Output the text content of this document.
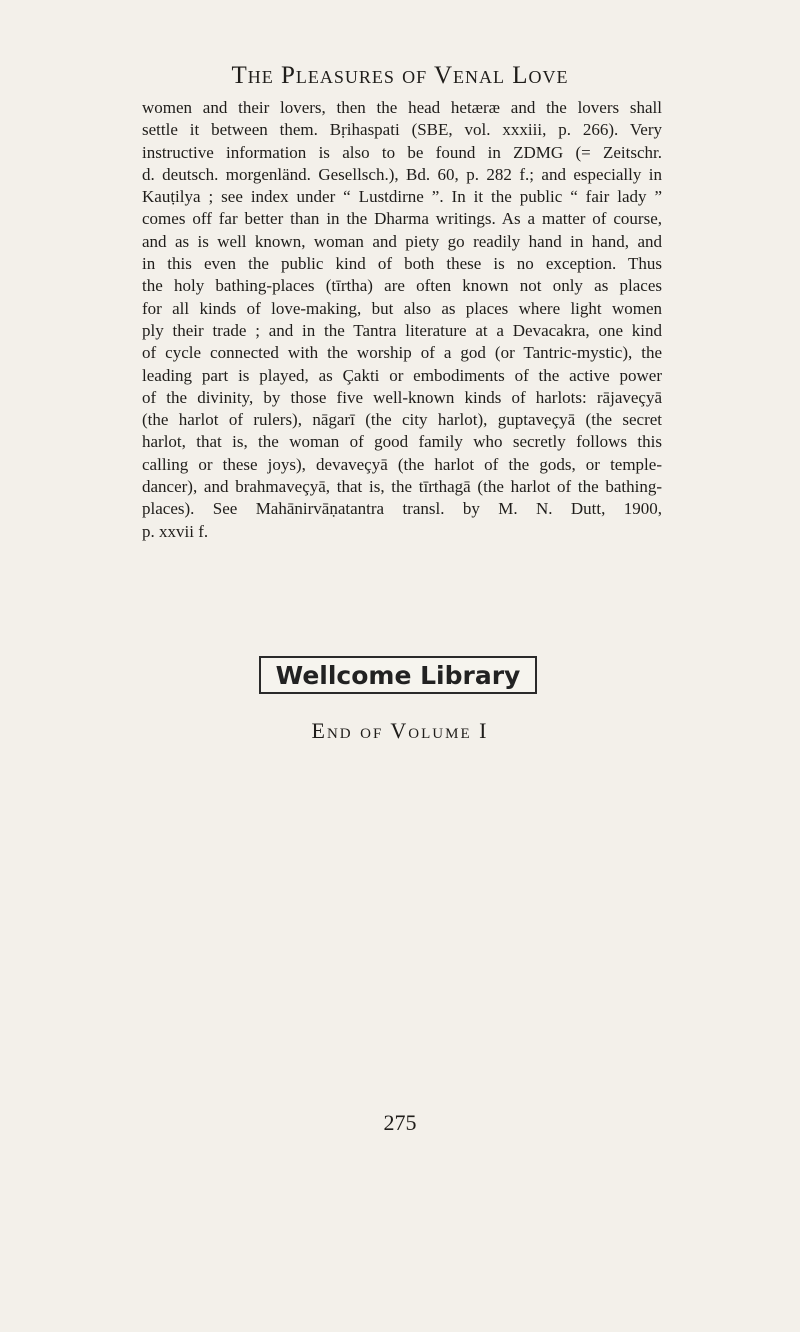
The Pleasures of Venal Love
women and their lovers, then the head hetæræ and the lovers shall
settle it between them. Bṛihaspati (SBE, vol. xxxiii, p. 266). Very
instructive information is also to be found in ZDMG (= Zeitschr.
d. deutsch. morgenländ. Gesellsch.), Bd. 60, p. 282 f.; and especially in
Kauṭilya ; see index under “ Lustdirne ”. In it the public “ fair lady ”
comes off far better than in the Dharma writings. As a matter of course,
and as is well known, woman and piety go readily hand in hand, and
in this even the public kind of both these is no exception. Thus
the holy bathing-places (tīrtha) are often known not only as places
for all kinds of love-making, but also as places where light women
ply their trade ; and in the Tantra literature at a Devacakra, one kind
of cycle connected with the worship of a god (or Tantric-mystic), the
leading part is played, as Çakti or embodiments of the active power
of the divinity, by those five well-known kinds of harlots: rājaveçyā
(the harlot of rulers), nāgarī (the city harlot), guptaveçyā (the secret
harlot, that is, the woman of good family who secretly follows this
calling or these joys), devaveçyā (the harlot of the gods, or temple-
dancer), and brahmaveçyā, that is, the tīrthagā (the harlot of the bathing-
places). See Mahānirvāṇatantra transl. by M. N. Dutt, 1900,
p. xxvii f.
Wellcome Library
End of Volume I
275
